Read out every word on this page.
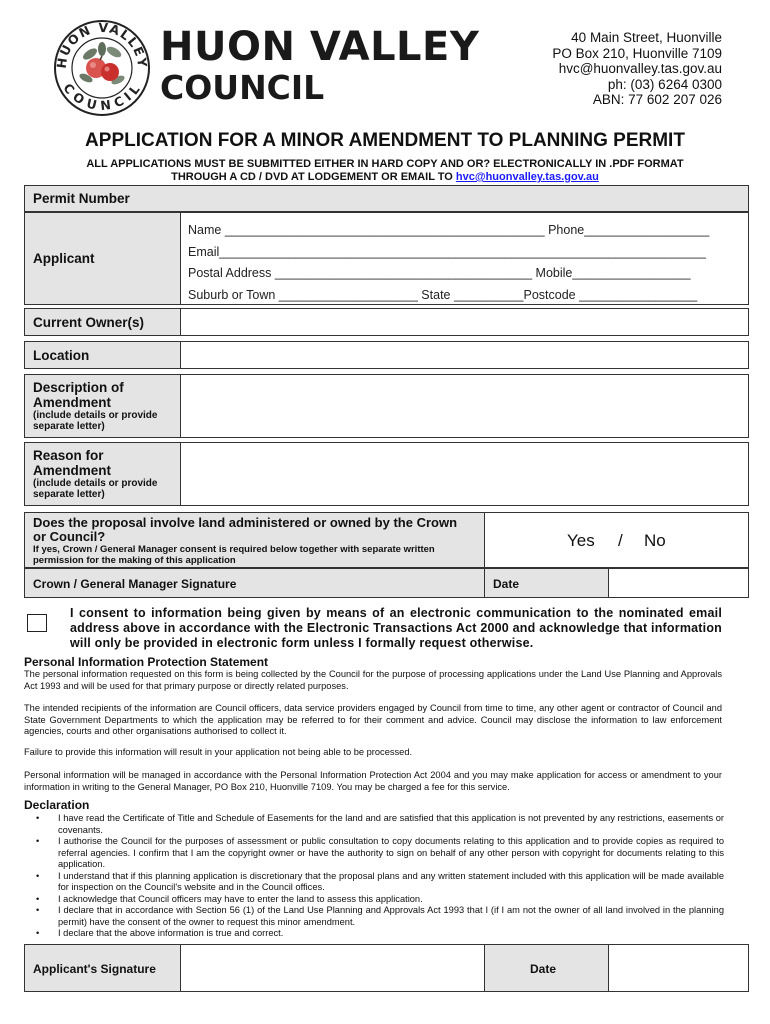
HUON VALLEY
COUNCIL
HUON VALLEY
COUNCIL
40 Main Street, Huonville
PO Box 210, Huonville 7109
hvc@huonvalley.tas.gov.au
ph: (03) 6264 0300
ABN: 77 602 207 026
APPLICATION FOR A MINOR AMENDMENT TO PLANNING PERMIT
ALL APPLICATIONS MUST BE SUBMITTED EITHER IN HARD COPY AND OR? ELECTRONICALLY IN .PDF FORMAT
THROUGH A CD / DVD AT LODGEMENT OR EMAIL TO hvc@huonvalley.tas.gov.au
Permit Number
Applicant
Name ______________________________________________ Phone__________________
Email______________________________________________________________________
Postal Address _____________________________________ Mobile_________________
Suburb or Town ____________________ State __________Postcode _________________
Current Owner(s)
Location
Description of Amendment
(include details or provide separate letter)
Reason for Amendment
(include details or provide separate letter)
Does the proposal involve land administered or owned by the Crown or Council?
If yes, Crown / General Manager consent is required below together with separate written permission for the making of this application
Yes / No
Crown / General Manager Signature	Date
I consent to information being given by means of an electronic communication to the nominated email address above in accordance with the Electronic Transactions Act 2000 and acknowledge that information will only be provided in electronic form unless I formally request otherwise.
Personal Information Protection Statement
The personal information requested on this form is being collected by the Council for the purpose of processing applications under the Land Use Planning and Approvals Act 1993 and will be used for that primary purpose or directly related purposes.
The intended recipients of the information are Council officers, data service providers engaged by Council from time to time, any other agent or contractor of Council and State Government Departments to which the application may be referred to for their comment and advice. Council may disclose the information to law enforcement agencies, courts and other organisations authorised to collect it.
Failure to provide this information will result in your application not being able to be processed.
Personal information will be managed in accordance with the Personal Information Protection Act 2004 and you may make application for access or amendment to your information in writing to the General Manager, PO Box 210, Huonville 7109. You may be charged a fee for this service.
Declaration
• I have read the Certificate of Title and Schedule of Easements for the land and are satisfied that this application is not prevented by any restrictions, easements or covenants.
• I authorise the Council for the purposes of assessment or public consultation to copy documents relating to this application and to provide copies as required to referral agencies. I confirm that I am the copyright owner or have the authority to sign on behalf of any other person with copyright for documents relating to this application.
• I understand that if this planning application is discretionary that the proposal plans and any written statement included with this application will be made available for inspection on the Council's website and in the Council offices.
• I acknowledge that Council officers may have to enter the land to assess this application.
• I declare that in accordance with Section 56 (1) of the Land Use Planning and Approvals Act 1993 that I (if I am not the owner of all land involved in the planning permit) have the consent of the owner to request this minor amendment.
• I declare that the above information is true and correct.
Applicant's Signature	Date
